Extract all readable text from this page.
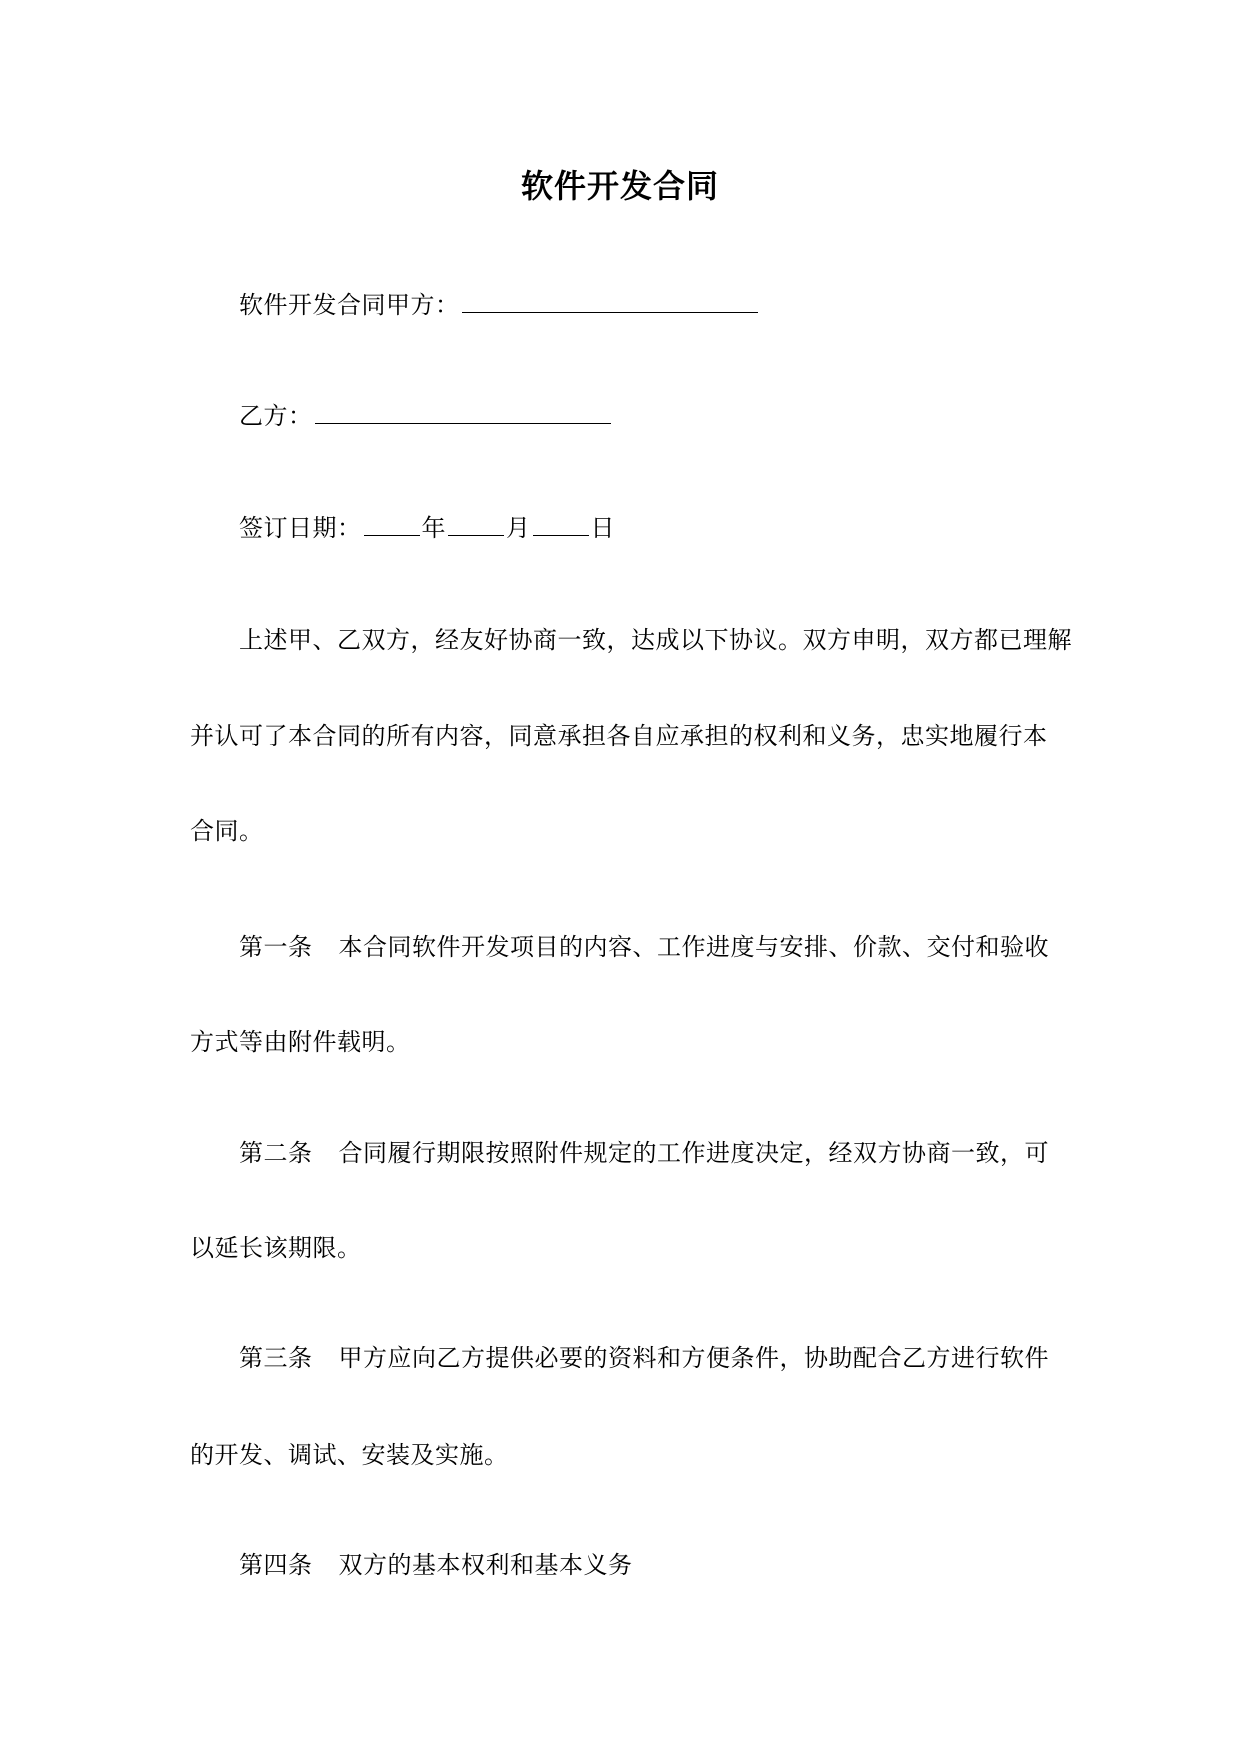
软件开发合同
软件开发合同甲方：
乙方：
签订日期：	年	月	日
上述甲、乙双方，经友好协商一致，达成以下协议。双方申明，双方都已理解
并认可了本合同的所有内容，同意承担各自应承担的权利和义务，忠实地履行本
合同。
第一条 本合同软件开发项目的内容、工作进度与安排、价款、交付和验收
方式等由附件载明。
第二条 合同履行期限按照附件规定的工作进度决定，经双方协商一致，可
以延长该期限。
第三条 甲方应向乙方提供必要的资料和方便条件，协助配合乙方进行软件
的开发、调试、安装及实施。
第四条 双方的基本权利和基本义务
